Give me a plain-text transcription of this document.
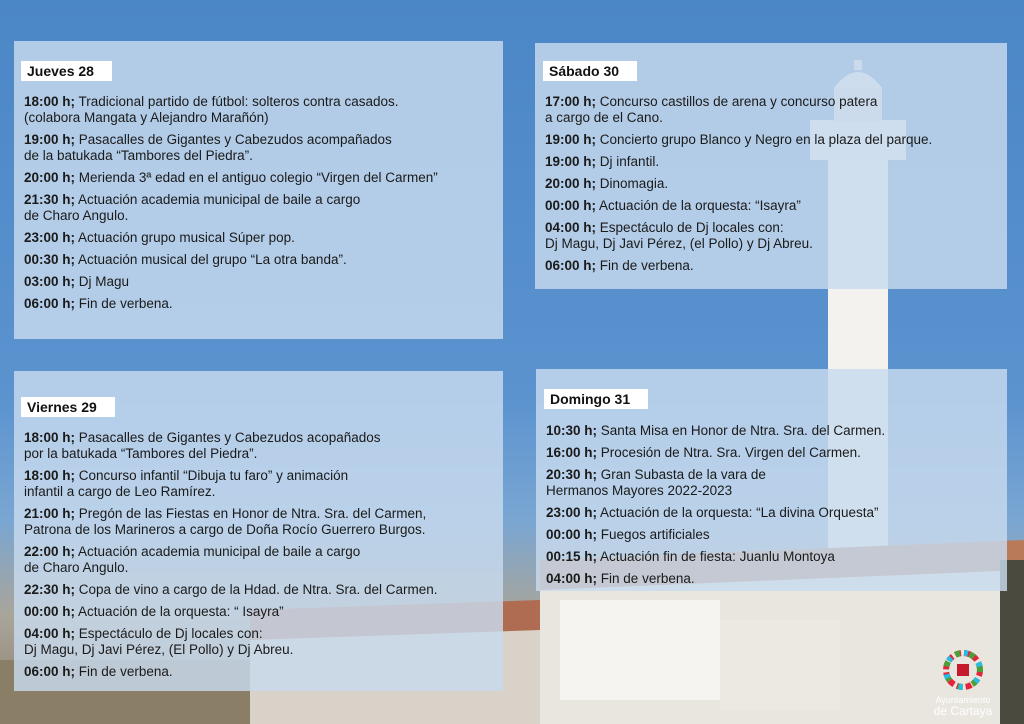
Jueves 28
18:00 h; Tradicional partido de fútbol: solteros contra casados.
(colabora Mangata y Alejandro Marañón)
19:00 h; Pasacalles de Gigantes y Cabezudos acompañados
de la batukada “Tambores del Piedra”.
20:00 h; Merienda 3ª edad en el antiguo colegio “Virgen del Carmen”
21:30 h; Actuación academia municipal de baile a cargo
de Charo Angulo.
23:00 h; Actuación grupo musical Súper pop.
00:30 h; Actuación musical del grupo “La otra banda”.
03:00 h; Dj Magu
06:00 h; Fin de verbena.
Sábado 30
17:00 h; Concurso castillos de arena y concurso patera
a cargo de el Cano.
19:00 h; Concierto grupo Blanco y Negro en la plaza del parque.
19:00 h; Dj infantil.
20:00 h; Dinomagia.
00:00 h; Actuación de la orquesta: “Isayra”
04:00 h; Espectáculo de Dj locales con:
Dj Magu, Dj Javi Pérez, (el Pollo) y Dj Abreu.
06:00 h; Fin de verbena.
Viernes 29
18:00 h; Pasacalles de Gigantes y Cabezudos acopañados
por la batukada “Tambores del Piedra”.
18:00 h; Concurso infantil “Dibuja tu faro” y animación
infantil a cargo de Leo Ramírez.
21:00 h; Pregón de las Fiestas en Honor de Ntra. Sra. del Carmen,
Patrona de los Marineros a cargo de Doña Rocío Guerrero Burgos.
22:00 h; Actuación academia municipal de baile a cargo
de Charo Angulo.
22:30 h; Copa de vino a cargo de la Hdad. de Ntra. Sra. del Carmen.
00:00 h; Actuación de la orquesta: “ Isayra”
04:00 h; Espectáculo de Dj locales con:
Dj Magu, Dj Javi Pérez, (El Pollo) y Dj Abreu.
06:00 h; Fin de verbena.
Domingo 31
10:30 h; Santa Misa en Honor de Ntra. Sra. del Carmen.
16:00 h; Procesión de Ntra. Sra. Virgen del Carmen.
20:30 h; Gran Subasta de la vara de
Hermanos Mayores 2022-2023
23:00 h; Actuación de la orquesta: “La divina Orquesta”
00:00 h; Fuegos artificiales
00:15 h; Actuación fin de fiesta: Juanlu Montoya
04:00 h; Fin de verbena.
Ayuntamiento
de Cartaya
